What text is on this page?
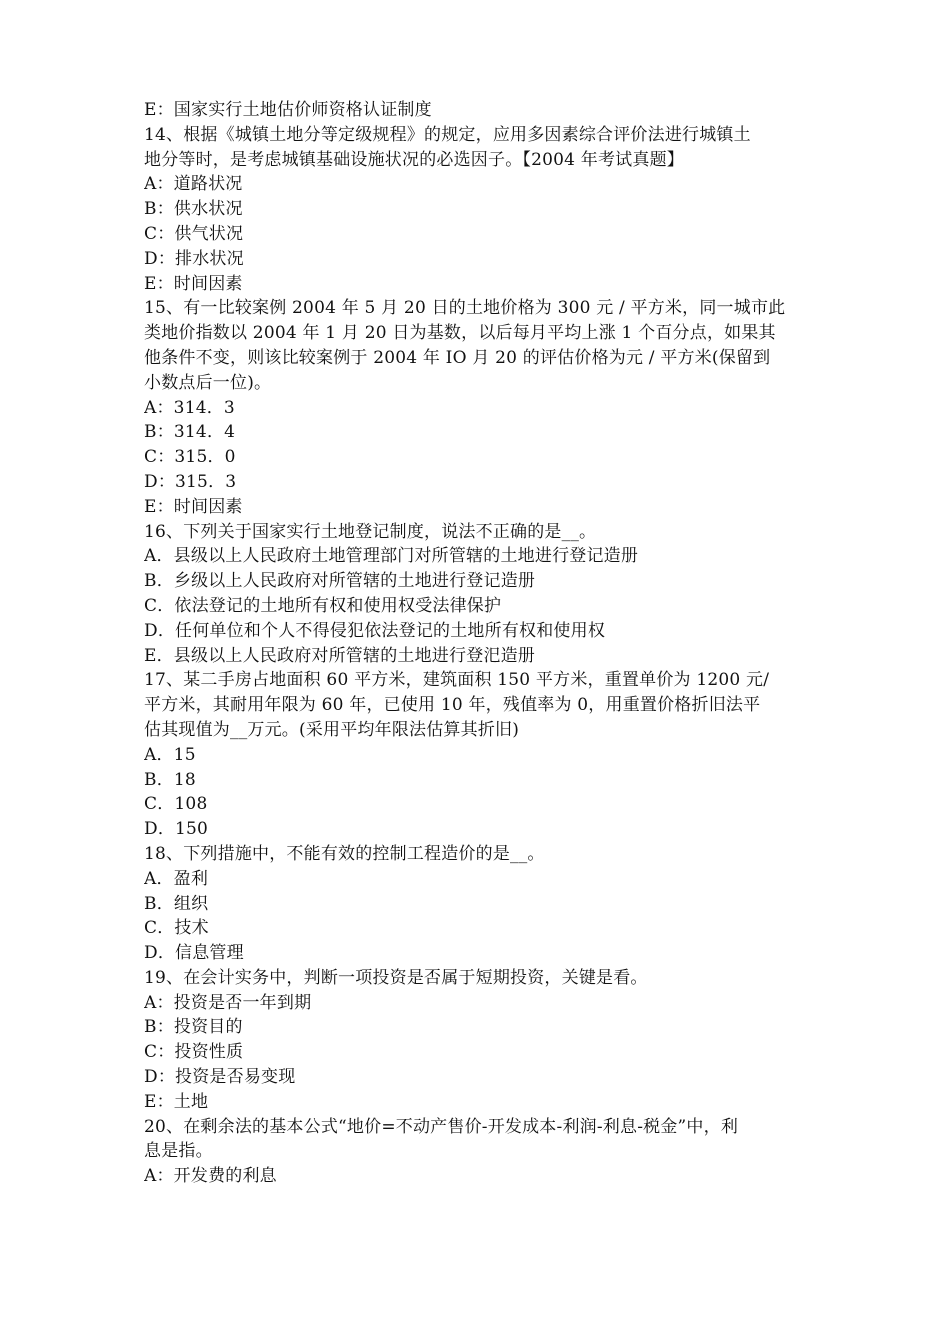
E：国家实行土地估价师资格认证制度
14、根据《城镇土地分等定级规程》的规定，应用多因素综合评价法进行城镇土
地分等时，是考虑城镇基础设施状况的必选因子。【2004 年考试真题】
A：道路状况
B：供水状况
C：供气状况
D：排水状况
E：时间因素
15、有一比较案例 2004 年 5 月 20 日的土地价格为 300 元 / 平方米，同一城市此
类地价指数以 2004 年 1 月 20 日为基数，以后每月平均上涨 1 个百分点，如果其
他条件不变，则该比较案例于 2004 年 IO 月 20 的评估价格为元 / 平方米(保留到
小数点后一位)。
A：314．3
B：314．4
C：315．0
D：315．3
E：时间因素
16、下列关于国家实行土地登记制度，说法不正确的是__。
A．县级以上人民政府土地管理部门对所管辖的土地进行登记造册
B．乡级以上人民政府对所管辖的土地进行登记造册
C．依法登记的土地所有权和使用权受法律保护
D．任何单位和个人不得侵犯依法登记的土地所有权和使用权
E．县级以上人民政府对所管辖的土地进行登汜造册
17、某二手房占地面积 60 平方米，建筑面积 150 平方米，重置单价为 1200 元/
平方米，其耐用年限为 60 年，已使用 10 年，残值率为 0，用重置价格折旧法平
估其现值为__万元。(采用平均年限法估算其折旧)
A．15
B．18
C．108
D．150
18、下列措施中，不能有效的控制工程造价的是__。
A．盈利
B．组织
C．技术
D．信息管理
19、在会计实务中，判断一项投资是否属于短期投资，关键是看。
A：投资是否一年到期
B：投资目的
C：投资性质
D：投资是否易变现
E：土地
20、在剩余法的基本公式“地价=不动产售价-开发成本-利润-利息-税金”中，利
息是指。
A：开发费的利息
